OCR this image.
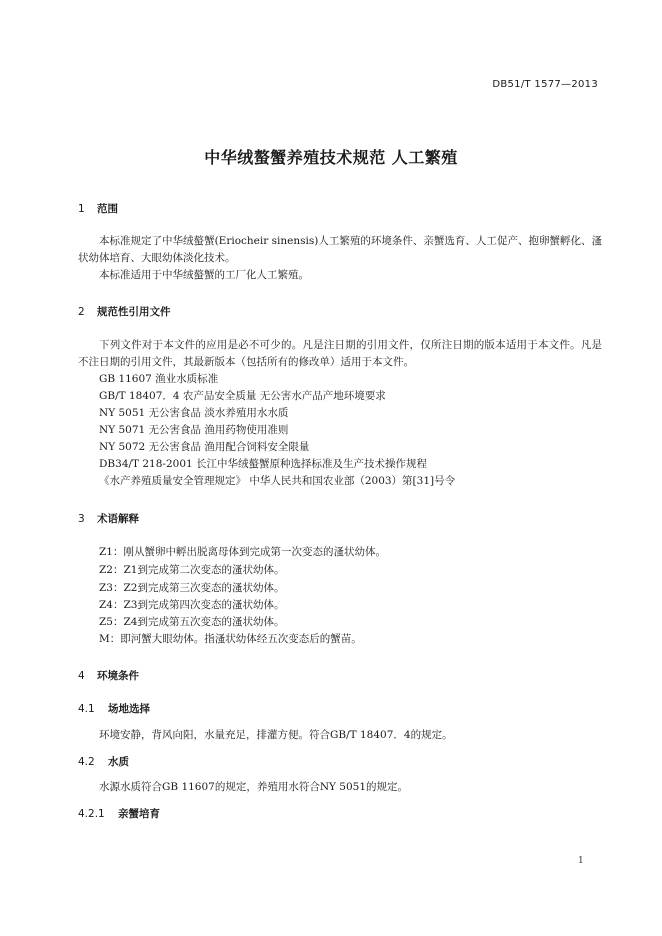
DB51/T 1577—2013
中华绒螯蟹养殖技术规范 人工繁殖
1 范围
本标准规定了中华绒螯蟹(Eriocheir sinensis)人工繁殖的环境条件、亲蟹选育、人工促产、抱卵蟹孵化、溞状幼体培育、大眼幼体淡化技术。
本标准适用于中华绒螯蟹的工厂化人工繁殖。
2 规范性引用文件
下列文件对于本文件的应用是必不可少的。凡是注日期的引用文件，仅所注日期的版本适用于本文件。凡是不注日期的引用文件，其最新版本（包括所有的修改单）适用于本文件。
GB 11607 渔业水质标准
GB/T 18407．4 农产品安全质量 无公害水产品产地环境要求
NY 5051 无公害食品 淡水养殖用水水质
NY 5071 无公害食品 渔用药物使用准则
NY 5072 无公害食品 渔用配合饲料安全限量
DB34/T 218-2001 长江中华绒螯蟹原种选择标准及生产技术操作规程
《水产养殖质量安全管理规定》 中华人民共和国农业部（2003）第[31]号令
3 术语解释
Z1：刚从蟹卵中孵出脱离母体到完成第一次变态的溞状幼体。
Z2：Z1到完成第二次变态的溞状幼体。
Z3：Z2到完成第三次变态的溞状幼体。
Z4：Z3到完成第四次变态的溞状幼体。
Z5：Z4到完成第五次变态的溞状幼体。
M：即河蟹大眼幼体。指溞状幼体经五次变态后的蟹苗。
4 环境条件
4.1 场地选择
环境安静，背风向阳，水量充足，排灌方便。符合GB/T 18407．4的规定。
4.2 水质
水源水质符合GB 11607的规定，养殖用水符合NY 5051的规定。
4.2.1 亲蟹培育
1
